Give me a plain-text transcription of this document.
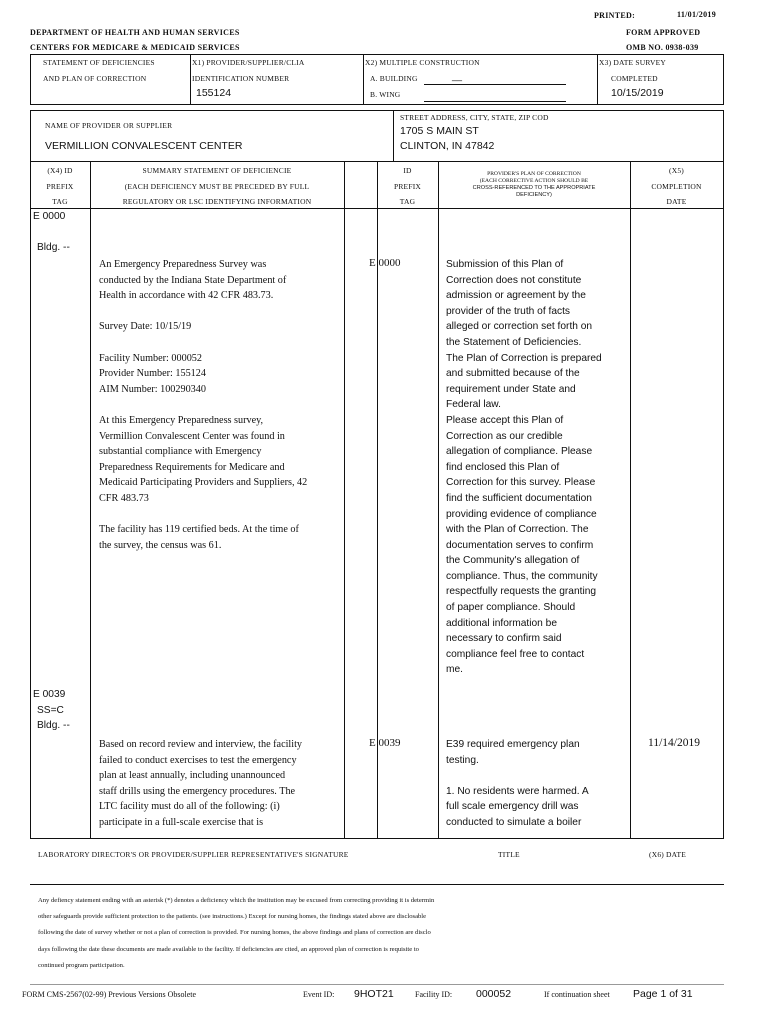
PRINTED:	11/01/2019
DEPARTMENT OF HEALTH AND HUMAN SERVICES	FORM APPROVED
CENTERS FOR MEDICARE & MEDICAID SERVICES	OMB NO. 0938-039
STATEMENT OF DEFICIENCIES
AND PLAN OF CORRECTION
X1) PROVIDER/SUPPLIER/CLIA
IDENTIFICATION NUMBER
155124
X2) MULTIPLE CONSTRUCTION
A. BUILDING	__
B. WING
X3) DATE SURVEY
COMPLETED
10/15/2019
NAME OF PROVIDER OR SUPPLIER
VERMILLION CONVALESCENT CENTER
STREET ADDRESS, CITY, STATE, ZIP COD
1705 S MAIN ST
CLINTON, IN 47842
(X4) ID
PREFIX
TAG
SUMMARY STATEMENT OF DEFICIENCIE
(EACH DEFICIENCY MUST BE PRECEDED BY FULL
REGULATORY OR LSC IDENTIFYING INFORMATION
ID
PREFIX
TAG
PROVIDER'S PLAN OF CORRECTION
(EACH CORRECTIVE ACTION SHOULD BE
CROSS-REFERENCED TO THE APPROPRIATE
DEFICIENCY)
(X5)
COMPLETION
DATE
E 0000
Bldg. --
An Emergency Preparedness Survey was
conducted by the Indiana State Department of
Health in accordance with 42 CFR 483.73.

Survey Date: 10/15/19

Facility Number: 000052
Provider Number: 155124
AIM Number: 100290340

At this Emergency Preparedness survey,
Vermillion Convalescent Center was found in
substantial compliance with Emergency
Preparedness Requirements for Medicare and
Medicaid Participating Providers and Suppliers, 42
CFR 483.73

The facility has 119 certified beds. At the time of
the survey, the census was 61.
E 0000	Submission of this Plan of
Correction does not constitute
admission or agreement by the
provider of the truth of facts
alleged or correction set forth on
the Statement of Deficiencies.
The Plan of Correction is prepared
and submitted because of the
requirement under State and
Federal law.
Please accept this Plan of
Correction as our credible
allegation of compliance. Please
find enclosed this Plan of
Correction for this survey. Please
find the sufficient documentation
providing evidence of compliance
with the Plan of Correction. The
documentation serves to confirm
the Community's allegation of
compliance. Thus, the community
respectfully requests the granting
of paper compliance. Should
additional information be
necessary to confirm said
compliance feel free to contact
me.
E 0039
SS=C
Bldg. --
Based on record review and interview, the facility
failed to conduct exercises to test the emergency
plan at least annually, including unannounced
staff drills using the emergency procedures. The
LTC facility must do all of the following: (i)
participate in a full-scale exercise that is
E 0039	E39 required emergency plan
testing.

1. No residents were harmed. A
full scale emergency drill was
conducted to simulate a boiler
11/14/2019
LABORATORY DIRECTOR'S OR PROVIDER/SUPPLIER REPRESENTATIVE'S SIGNATURE	TITLE	(X6) DATE
Any defiency statement ending with an asterisk (*) denotes a deficiency which the institution may be excused from correcting providing it is determin
other safeguards provide sufficient protection to the patients. (see instructions.) Except for nursing homes, the findings stated above are disclosable
following the date of survey whether or not a plan of correction is provided. For nursing homes, the above findings and plans of correction are disclo
days following the date these documents are made available to the facility. If deficiencies are cited, an approved plan of correction is requisite to
continued program participation.
FORM CMS-2567(02-99) Previous Versions Obsolete	Event ID: 9HOT21	Facility ID: 000052	If continuation sheet Page 1 of 31
